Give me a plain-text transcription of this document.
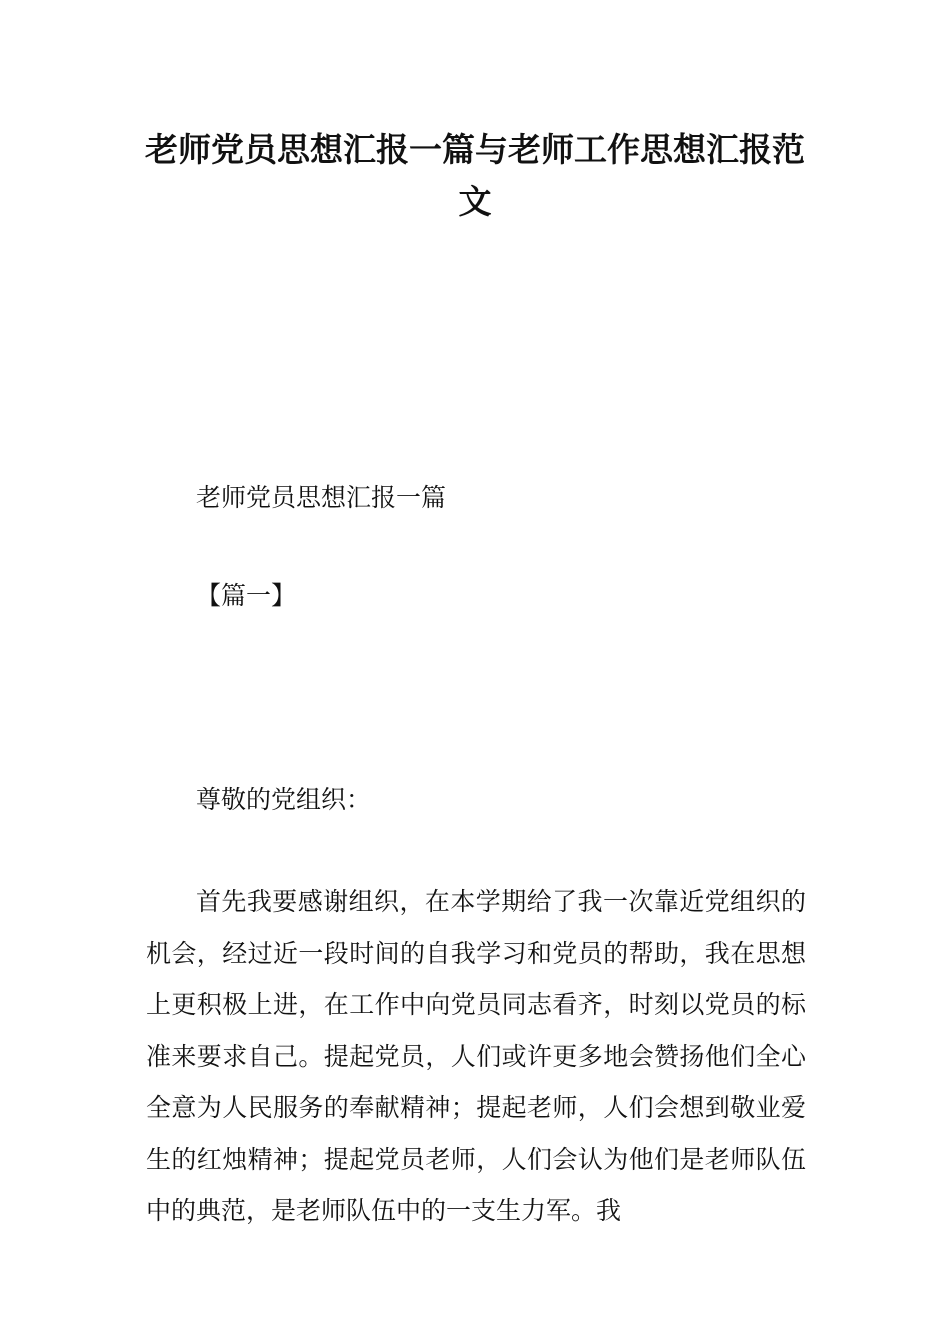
老师党员思想汇报一篇与老师工作思想汇报范文

老师党员思想汇报一篇

【篇一】

尊敬的党组织：

首先我要感谢组织，在本学期给了我一次靠近党组织的机会，经过近一段时间的自我学习和党员的帮助，我在思想上更积极上进，在工作中向党员同志看齐，时刻以党员的标准来要求自己。提起党员，人们或许更多地会赞扬他们全心全意为人民服务的奉献精神；提起老师，人们会想到敬业爱生的红烛精神；提起党员老师，人们会认为他们是老师队伍中的典范，是老师队伍中的一支生力军。我
